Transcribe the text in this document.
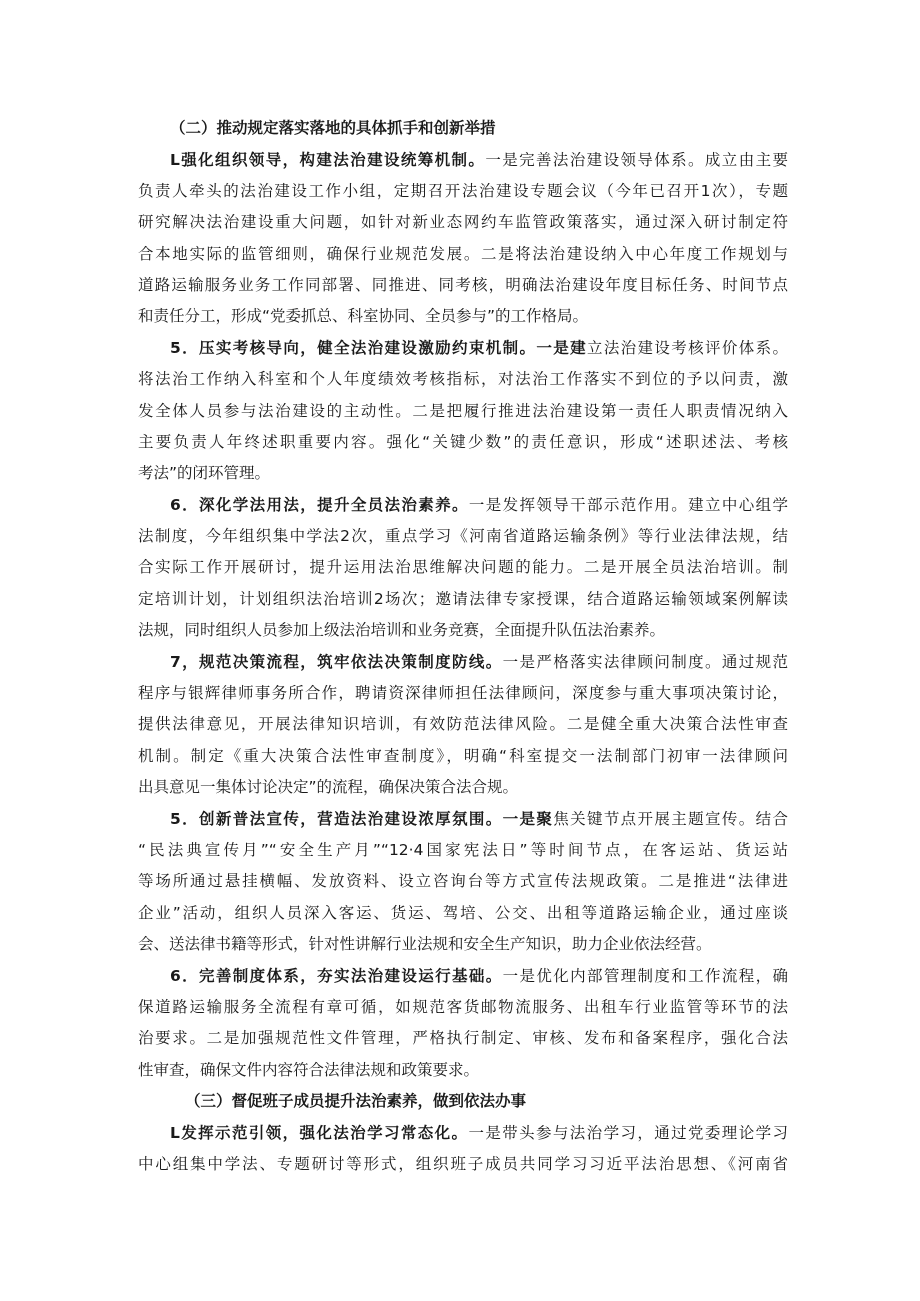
（二）推动规定落实落地的具体抓手和创新举措
L强化组织领导，构建法治建设统筹机制。一是完善法治建设领导体系。成立由主要
负责人牵头的法治建设工作小组，定期召开法治建设专题会议（今年已召开1次），专题
研究解决法治建设重大问题，如针对新业态网约车监管政策落实，通过深入研讨制定符
合本地实际的监管细则，确保行业规范发展。二是将法治建设纳入中心年度工作规划与
道路运输服务业务工作同部署、同推进、同考核，明确法治建设年度目标任务、时间节点
和责任分工，形成“党委抓总、科室协同、全员参与”的工作格局。
5．压实考核导向，健全法治建设激励约束机制。一是建立法治建设考核评价体系。
将法治工作纳入科室和个人年度绩效考核指标，对法治工作落实不到位的予以问责，激
发全体人员参与法治建设的主动性。二是把履行推进法治建设第一责任人职责情况纳入
主要负责人年终述职重要内容。强化“关键少数”的责任意识，形成“述职述法、考核
考法”的闭环管理。
6．深化学法用法，提升全员法治素养。一是发挥领导干部示范作用。建立中心组学
法制度，今年组织集中学法2次，重点学习《河南省道路运输条例》等行业法律法规，结
合实际工作开展研讨，提升运用法治思维解决问题的能力。二是开展全员法治培训。制
定培训计划，计划组织法治培训2场次；邀请法律专家授课，结合道路运输领域案例解读
法规，同时组织人员参加上级法治培训和业务竞赛，全面提升队伍法治素养。
7，规范决策流程，筑牢依法决策制度防线。一是严格落实法律顾问制度。通过规范
程序与银辉律师事务所合作，聘请资深律师担任法律顾问，深度参与重大事项决策讨论，
提供法律意见，开展法律知识培训，有效防范法律风险。二是健全重大决策合法性审查
机制。制定《重大决策合法性审查制度》，明确“科室提交一法制部门初审一法律顾问
出具意见一集体讨论决定”的流程，确保决策合法合规。
5．创新普法宣传，营造法治建设浓厚氛围。一是聚焦关键节点开展主题宣传。结合
“民法典宣传月”“安全生产月”“12·4国家宪法日”等时间节点，在客运站、货运站
等场所通过悬挂横幅、发放资料、设立咨询台等方式宣传法规政策。二是推进“法律进
企业”活动，组织人员深入客运、货运、驾培、公交、出租等道路运输企业，通过座谈
会、送法律书籍等形式，针对性讲解行业法规和安全生产知识，助力企业依法经营。
6．完善制度体系，夯实法治建设运行基础。一是优化内部管理制度和工作流程，确
保道路运输服务全流程有章可循，如规范客货邮物流服务、出租车行业监管等环节的法
治要求。二是加强规范性文件管理，严格执行制定、审核、发布和备案程序，强化合法
性审查，确保文件内容符合法律法规和政策要求。
（三）督促班子成员提升法治素养，做到依法办事
L发挥示范引领，强化法治学习常态化。一是带头参与法治学习，通过党委理论学习
中心组集中学法、专题研讨等形式，组织班子成员共同学习习近平法治思想、《河南省
